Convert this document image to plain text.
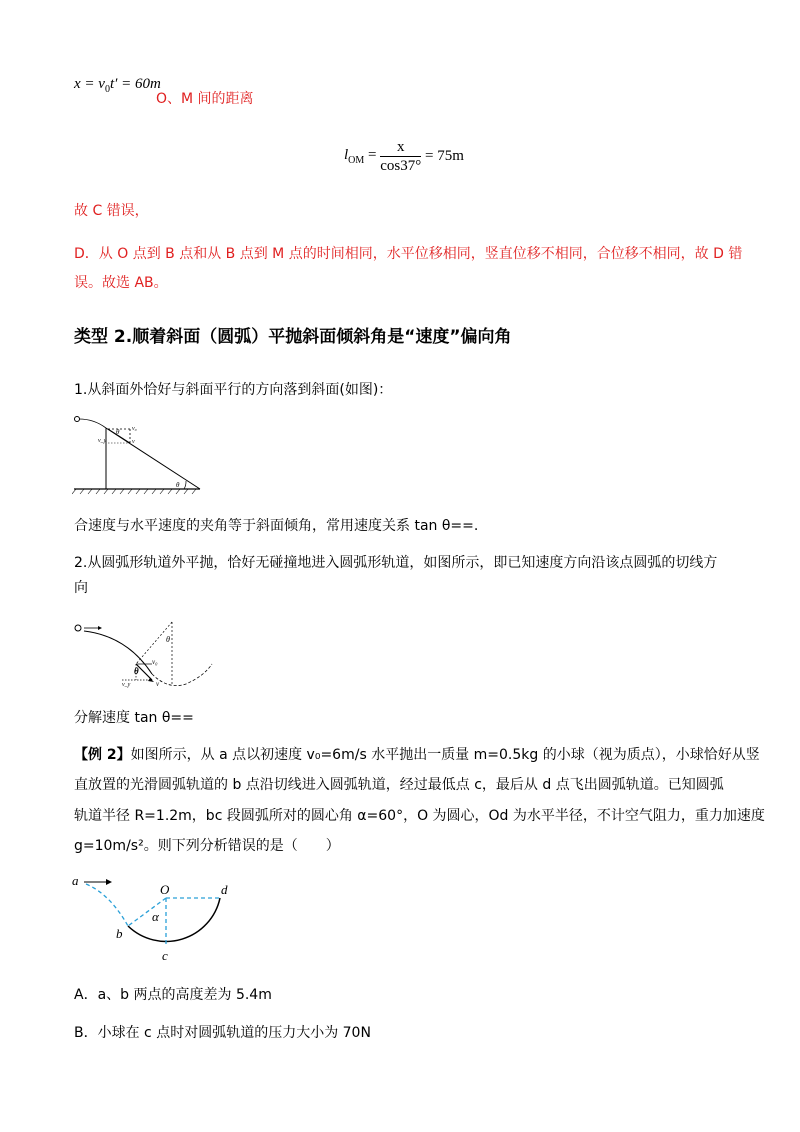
$x = v_0t' = 60m$
O、M 间的距离
$l_{OM} = \frac{x}{\cos 37^\circ} = 75m$
故 C 错误，
D．从 O 点到 B 点和从 B 点到 M 点的时间相同，水平位移相同，竖直位移不相同，合位移不相同，故 D 错
误。故选 AB。
类型 2.顺着斜面（圆弧）平抛斜面倾斜角是“速度”偏向角
1.从斜面外恰好与斜面平行的方向落到斜面(如图)：
θ v₀
v_y	v
θ
合速度与水平速度的夹角等于斜面倾角，常用速度关系 tan θ==.
2.从圆弧形轨道外平抛，恰好无碰撞地进入圆弧形轨道，如图所示，即已知速度方向沿该点圆弧的切线方
向
θ
θ
v₀
v_y	v
分解速度 tan θ==
【例 2】如图所示，从 a 点以初速度 v₀=6m/s 水平抛出一质量 m=0.5kg 的小球（视为质点），小球恰好从竖
直放置的光滑圆弧轨道的 b 点沿切线进入圆弧轨道，经过最低点 c，最后从 d 点飞出圆弧轨道。已知圆弧
轨道半径 R=1.2m，bc 段圆弧所对的圆心角 α=60°，O 为圆心，Od 为水平半径，不计空气阻力，重力加速度
g=10m/s²。则下列分析错误的是（　　）
a
O	d
α
b
c
A．a、b 两点的高度差为 5.4m
B．小球在 c 点时对圆弧轨道的压力大小为 70N
